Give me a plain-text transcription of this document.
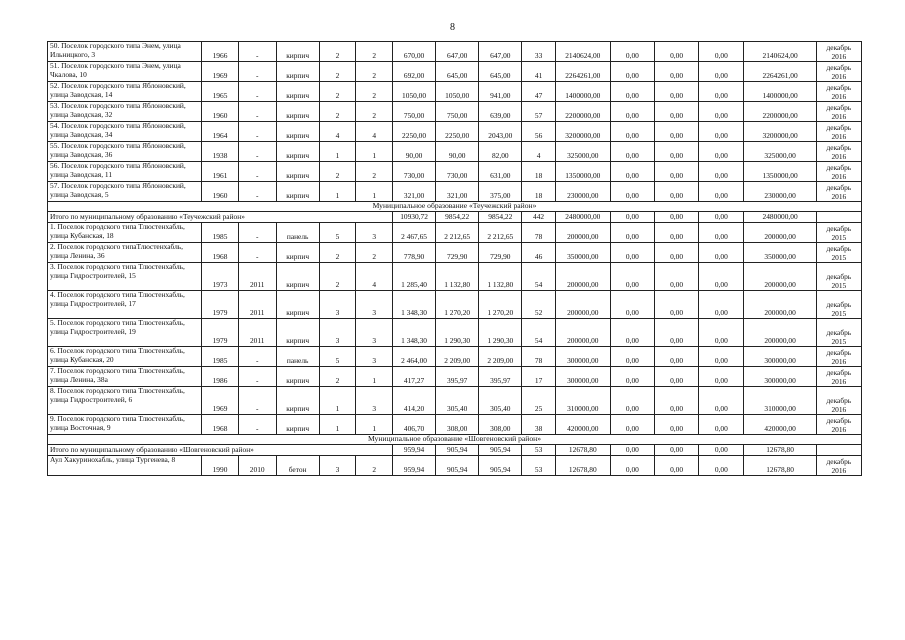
8
50. Поселок городского типа Энем, улица Ильницкого, 3	1966	-	кирпич	2	2	670,00	647,00	647,00	33	2140624,00	0,00	0,00	0,00	2140624,00	декабрь 2016
51. Поселок городского типа Энем, улица Чкалова, 10	1969	-	кирпич	2	2	692,00	645,00	645,00	41	2264261,00	0,00	0,00	0,00	2264261,00	декабрь 2016
52. Поселок городского типа Яблоновский, улица Заводская, 14	1965	-	кирпич	2	2	1050,00	1050,00	941,00	47	1400000,00	0,00	0,00	0,00	1400000,00	декабрь 2016
53. Поселок городского типа Яблоновский, улица Заводская, 32	1960	-	кирпич	2	2	750,00	750,00	639,00	57	2200000,00	0,00	0,00	0,00	2200000,00	декабрь 2016
54. Поселок городского типа Яблоновский, улица Заводская, 34	1964	-	кирпич	4	4	2250,00	2250,00	2043,00	56	3200000,00	0,00	0,00	0,00	3200000,00	декабрь 2016
55. Поселок городского типа Яблоновский, улица Заводская, 36	1938	-	кирпич	1	1	90,00	90,00	82,00	4	325000,00	0,00	0,00	0,00	325000,00	декабрь 2016
56. Поселок городского типа Яблоновский, улица Заводская, 11	1961	-	кирпич	2	2	730,00	730,00	631,00	18	1350000,00	0,00	0,00	0,00	1350000,00	декабрь 2016
57. Поселок городского типа Яблоновский, улица Заводская, 5	1960	-	кирпич	1	1	321,00	321,00	375,00	18	230000,00	0,00	0,00	0,00	230000,00	декабрь 2016
Муниципальное образование «Теучежский район»															
Итого по муниципальному образованию «Теучежский район»						10930,72	9854,22	9854,22	442	2480000,00	0,00	0,00	0,00	2480000,00	
1. Поселок городского типа Тлюстенхабль, улица Кубанская, 18	1985	-	панель	5	3	2 467,65	2 212,65	2 212,65	78	200000,00	0,00	0,00	0,00	200000,00	декабрь 2015
2. Поселок городского типаТлюстенхабль, улица Ленина, 36	1968	-	кирпич	2	2	778,90	729,90	729,90	46	350000,00	0,00	0,00	0,00	350000,00	декабрь 2015
3. Поселок городского типа Тлюстенхабль, улица Гидростроителей, 15	1973	2011	кирпич	2	4	1 285,40	1 132,80	1 132,80	54	200000,00	0,00	0,00	0,00	200000,00	декабрь 2015
4. Поселок городского типа Тлюстенхабль, улица Гидростроителей, 17	1979	2011	кирпич	3	3	1 348,30	1 270,20	1 270,20	52	200000,00	0,00	0,00	0,00	200000,00	декабрь 2015
5. Поселок городского типа Тлюстенхабль, улица Гидростроителей, 19	1979	2011	кирпич	3	3	1 348,30	1 290,30	1 290,30	54	200000,00	0,00	0,00	0,00	200000,00	декабрь 2015
6. Поселок городского типа Тлюстенхабль, улица Кубанская, 20	1985	-	панель	5	3	2 464,00	2 209,00	2 209,00	78	300000,00	0,00	0,00	0,00	300000,00	декабрь 2016
7. Поселок городского типа Тлюстенхабль, улица Ленина, 38а	1986	-	кирпич	2	1	417,27	395,97	395,97	17	300000,00	0,00	0,00	0,00	300000,00	декабрь 2016
8. Поселок городского типа Тлюстенхабль, улица Гидростроителей, 6	1969	-	кирпич	1	3	414,20	305,40	305,40	25	310000,00	0,00	0,00	0,00	310000,00	декабрь 2016
9. Поселок городского типа Тлюстенхабль, улица Восточная, 9	1968	-	кирпич	1	1	406,70	308,00	308,00	38	420000,00	0,00	0,00	0,00	420000,00	декабрь 2016
Муниципальное образование «Шовгеновский район»															
Итого по муниципальному образованию «Шовгеновский район»						959,94	905,94	905,94	53	12678,80	0,00	0,00	0,00	12678,80	
Аул Хакуринохабль, улица Тургенева, 8	1990	2010	бетон	3	2	959,94	905,94	905,94	53	12678,80	0,00	0,00	0,00	12678,80	декабрь 2016
